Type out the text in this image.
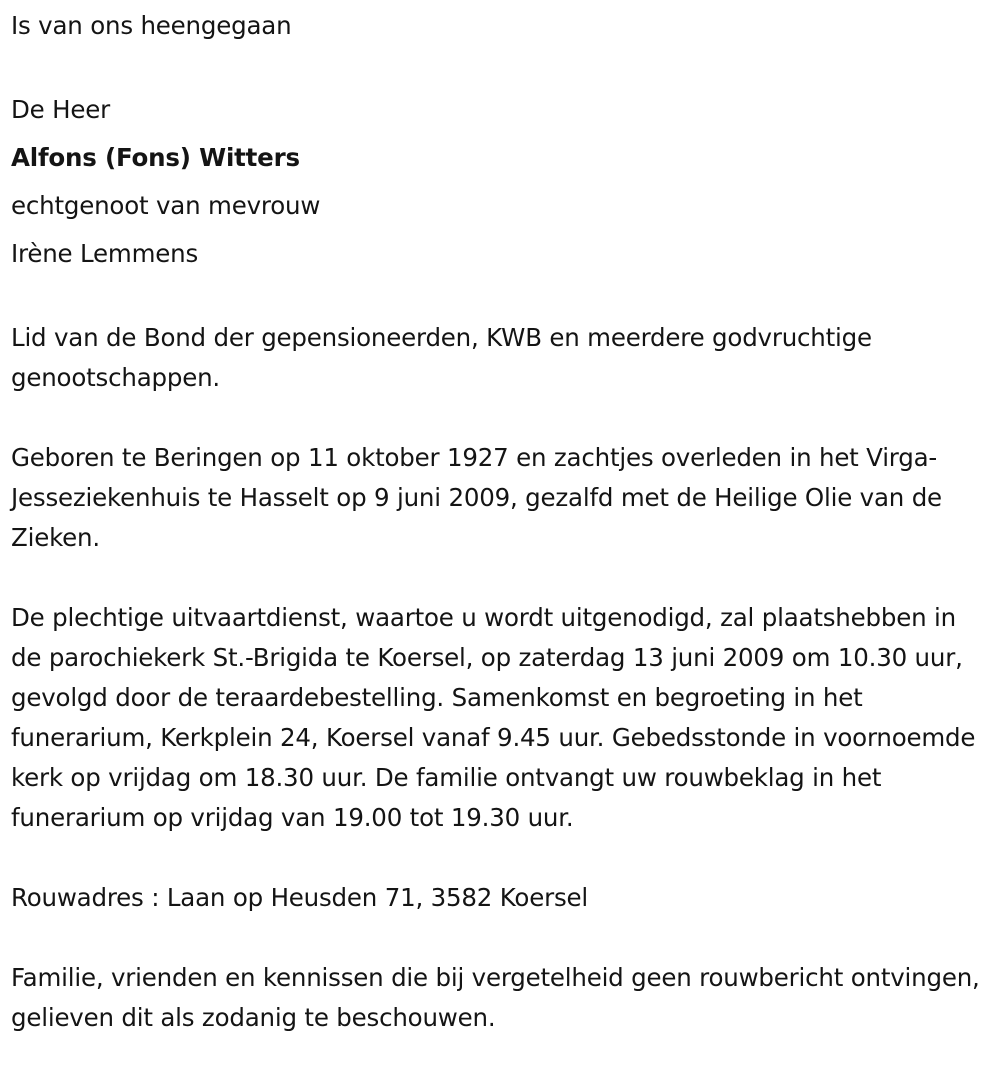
Is van ons heengegaan
De Heer
Alfons (Fons) Witters
echtgenoot van mevrouw
Irène Lemmens
Lid van de Bond der gepensioneerden, KWB en meerdere godvruchtige genootschappen.
Geboren te Beringen op 11 oktober 1927 en zachtjes overleden in het Virga-Jesseziekenhuis te Hasselt op 9 juni 2009, gezalfd met de Heilige Olie van de Zieken.
De plechtige uitvaartdienst, waartoe u wordt uitgenodigd, zal plaatshebben in de parochiekerk St.-Brigida te Koersel, op zaterdag 13 juni 2009 om 10.30 uur, gevolgd door de teraardebestelling. Samenkomst en begroeting in het funerarium, Kerkplein 24, Koersel vanaf 9.45 uur. Gebedsstonde in voornoemde kerk op vrijdag om 18.30 uur. De familie ontvangt uw rouwbeklag in het funerarium op vrijdag van 19.00 tot 19.30 uur.
Rouwadres : Laan op Heusden 71, 3582 Koersel
Familie, vrienden en kennissen die bij vergetelheid geen rouwbericht ontvingen, gelieven dit als zodanig te beschouwen.
